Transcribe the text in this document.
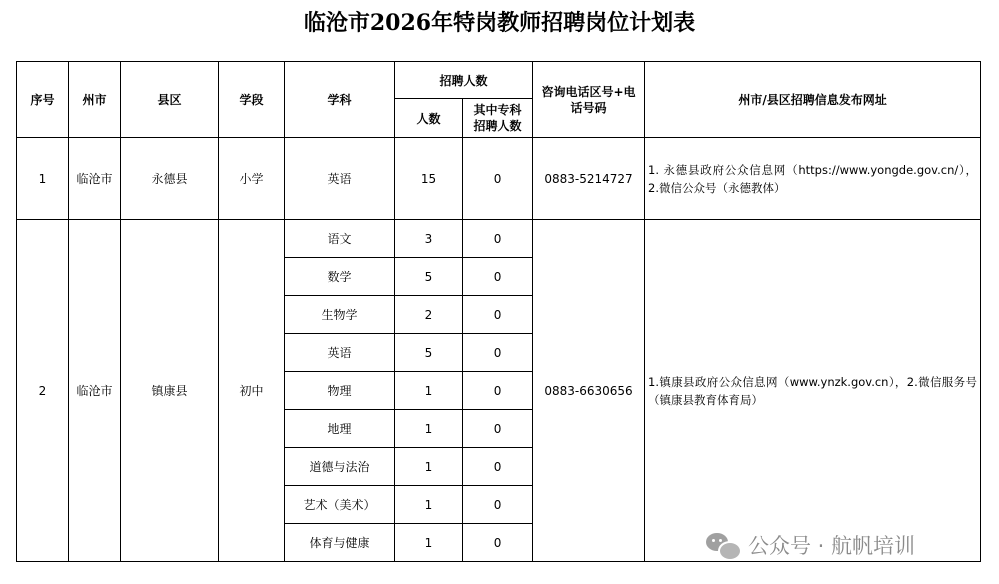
临沧市2026年特岗教师招聘岗位计划表
序号	州市	县区	学段	学科	招聘人数		咨询电话区号+电话号码	州市/县区招聘信息发布网址
					人数	其中专科招聘人数		
1	临沧市	永德县	小学	英语	15	0	0883-5214727	1. 永德县政府公众信息网（https://www.yongde.gov.cn/），2.微信公众号（永德教体）
2	临沧市	镇康县	初中	语文	3	0	0883-6630656	1.镇康县政府公众信息网（www.ynzk.gov.cn），2.微信服务号（镇康县教育体育局）
				数学	5	0		
				生物学	2	0		
				英语	5	0		
				物理	1	0		
				地理	1	0		
				道德与法治	1	0		
				艺术（美术）	1	0		
				体育与健康	1	0			公众号 · 航帆培训
